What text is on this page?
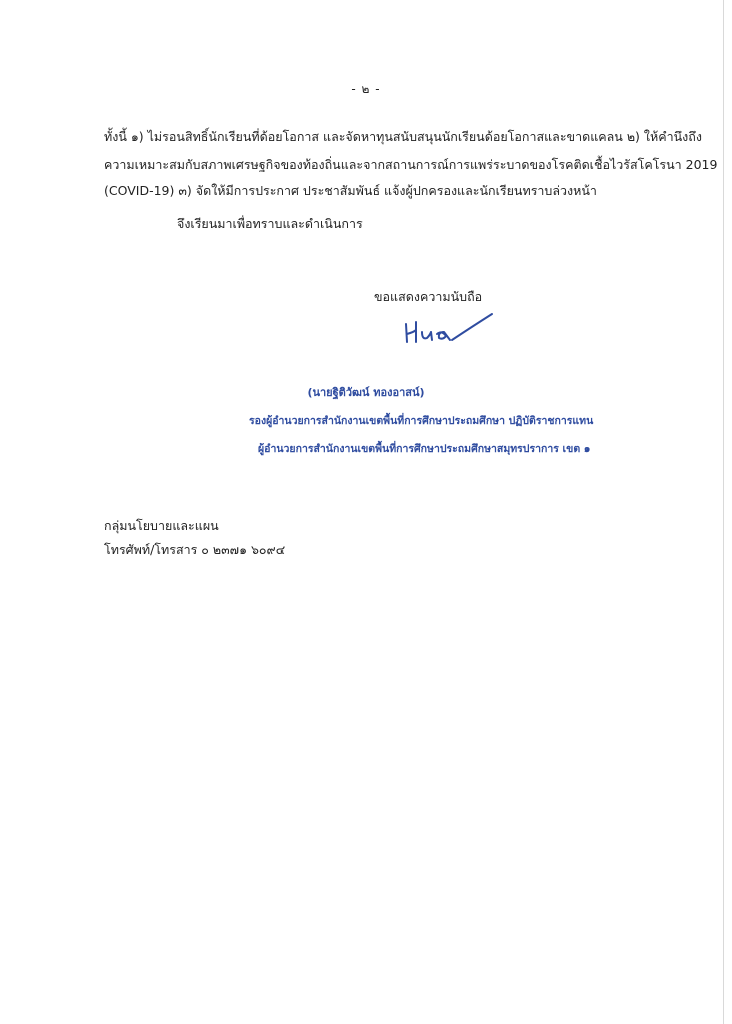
- ๒ -
ทั้งนี้ ๑) ไม่รอนสิทธิ์นักเรียนที่ด้อยโอกาส และจัดหาทุนสนับสนุนนักเรียนด้อยโอกาสและขาดแคลน ๒) ให้คำนึงถึง
ความเหมาะสมกับสภาพเศรษฐกิจของท้องถิ่นและจากสถานการณ์การแพร่ระบาดของโรคติดเชื้อไวรัสโคโรนา 2019
(COVID-19) ๓) จัดให้มีการประกาศ ประชาสัมพันธ์ แจ้งผู้ปกครองและนักเรียนทราบล่วงหน้า
จึงเรียนมาเพื่อทราบและดำเนินการ
ขอแสดงความนับถือ
(นายฐิติวัฒน์ ทองอาสน์)
รองผู้อำนวยการสำนักงานเขตพื้นที่การศึกษาประถมศึกษา ปฏิบัติราชการแทน
ผู้อำนวยการสำนักงานเขตพื้นที่การศึกษาประถมศึกษาสมุทรปราการ เขต ๑
กลุ่มนโยบายและแผน
โทรศัพท์/โทรสาร ๐ ๒๓๗๑ ๖๐๙๔
